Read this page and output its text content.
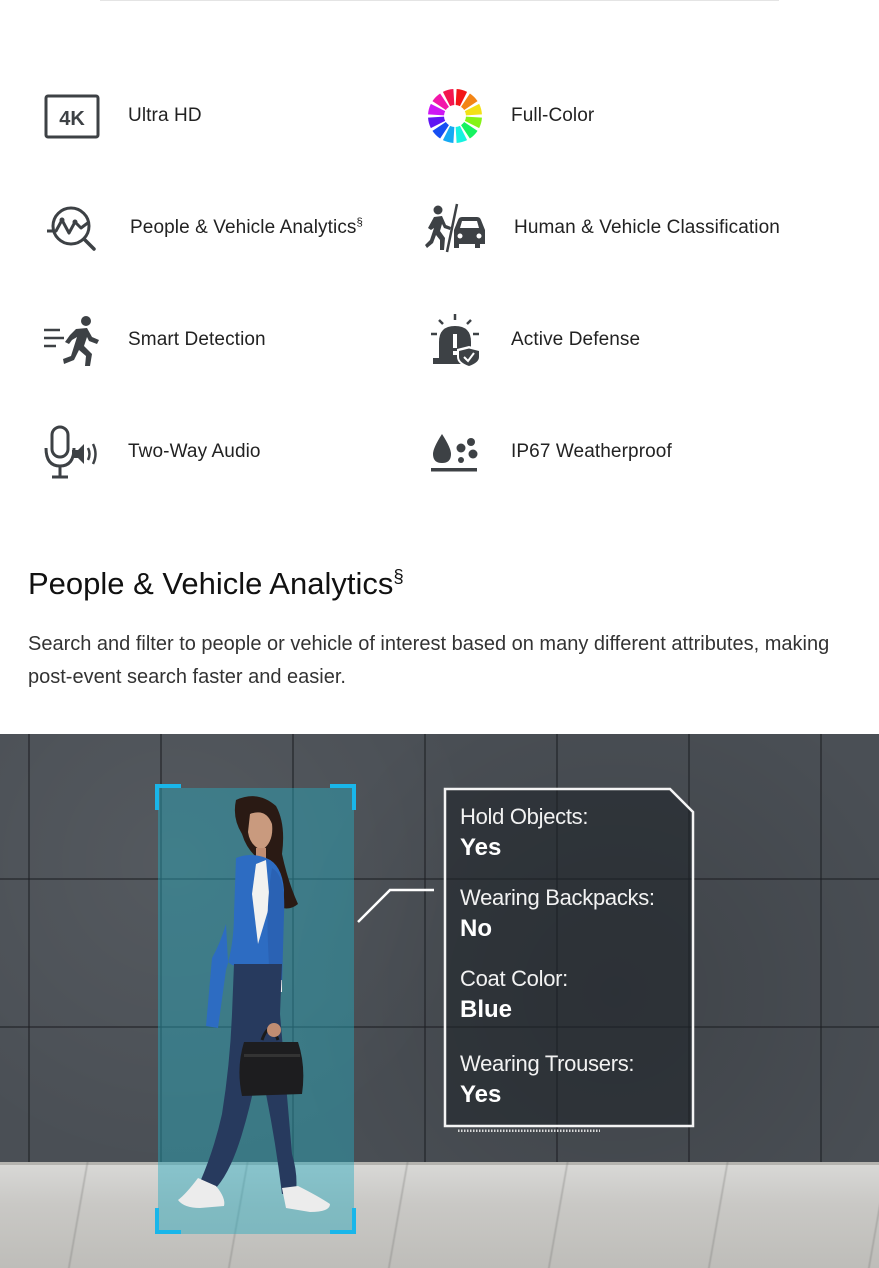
4K Ultra HD	Full-Color
People & Vehicle Analytics§	Human & Vehicle Classification
Smart Detection	Active Defense
Two-Way Audio	IP67 Weatherproof
People & Vehicle Analytics§

Search and filter to people or vehicle of interest based on many different attributes, making post-event search faster and easier.

Hold Objects:
Yes
Wearing Backpacks:
No
Coat Color:
Blue
Wearing Trousers:
Yes
